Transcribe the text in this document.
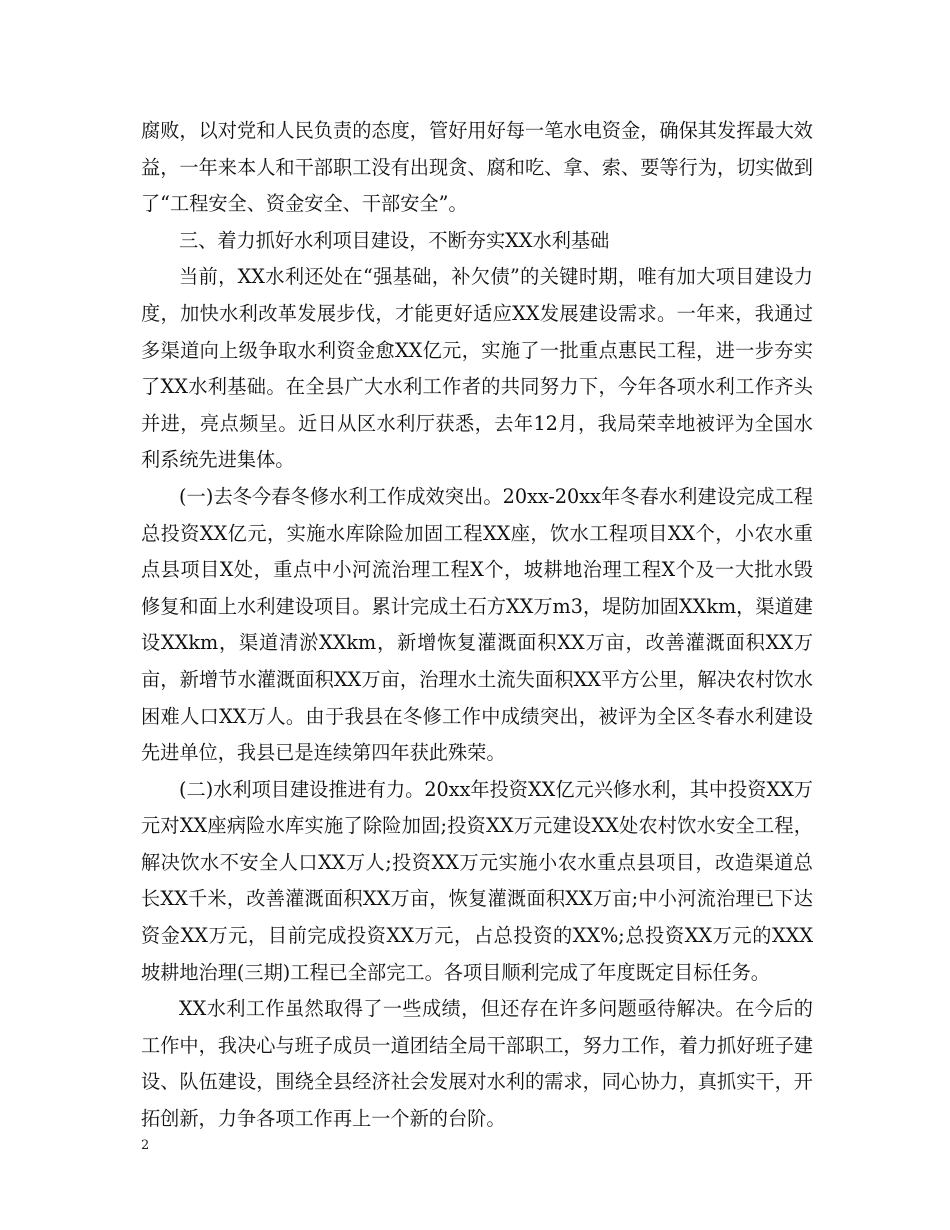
腐败，以对党和人民负责的态度，管好用好每一笔水电资金，确保其发挥最大效益，一年来本人和干部职工没有出现贪、腐和吃、拿、索、要等行为，切实做到了“工程安全、资金安全、干部安全”。

三、着力抓好水利项目建设，不断夯实XX水利基础

当前，XX水利还处在“强基础，补欠债”的关键时期，唯有加大项目建设力度，加快水利改革发展步伐，才能更好适应XX发展建设需求。一年来，我通过多渠道向上级争取水利资金愈XX亿元，实施了一批重点惠民工程，进一步夯实了XX水利基础。在全县广大水利工作者的共同努力下，今年各项水利工作齐头并进，亮点频呈。近日从区水利厅获悉，去年12月，我局荣幸地被评为全国水利系统先进集体。

(一)去冬今春冬修水利工作成效突出。20xx-20xx年冬春水利建设完成工程总投资XX亿元，实施水库除险加固工程XX座，饮水工程项目XX个，小农水重点县项目X处，重点中小河流治理工程X个，坡耕地治理工程X个及一大批水毁修复和面上水利建设项目。累计完成土石方XX万m3，堤防加固XXkm，渠道建设XXkm，渠道清淤XXkm，新增恢复灌溉面积XX万亩，改善灌溉面积XX万亩，新增节水灌溉面积XX万亩，治理水土流失面积XX平方公里，解决农村饮水困难人口XX万人。由于我县在冬修工作中成绩突出，被评为全区冬春水利建设先进单位，我县已是连续第四年获此殊荣。

(二)水利项目建设推进有力。20xx年投资XX亿元兴修水利，其中投资XX万元对XX座病险水库实施了除险加固;投资XX万元建设XX处农村饮水安全工程，解决饮水不安全人口XX万人;投资XX万元实施小农水重点县项目，改造渠道总长XX千米，改善灌溉面积XX万亩，恢复灌溉面积XX万亩;中小河流治理已下达资金XX万元，目前完成投资XX万元，占总投资的XX%;总投资XX万元的XXX坡耕地治理(三期)工程已全部完工。各项目顺利完成了年度既定目标任务。

XX水利工作虽然取得了一些成绩，但还存在许多问题亟待解决。在今后的工作中，我决心与班子成员一道团结全局干部职工，努力工作，着力抓好班子建设、队伍建设，围绕全县经济社会发展对水利的需求，同心协力，真抓实干，开拓创新，力争各项工作再上一个新的台阶。

2
